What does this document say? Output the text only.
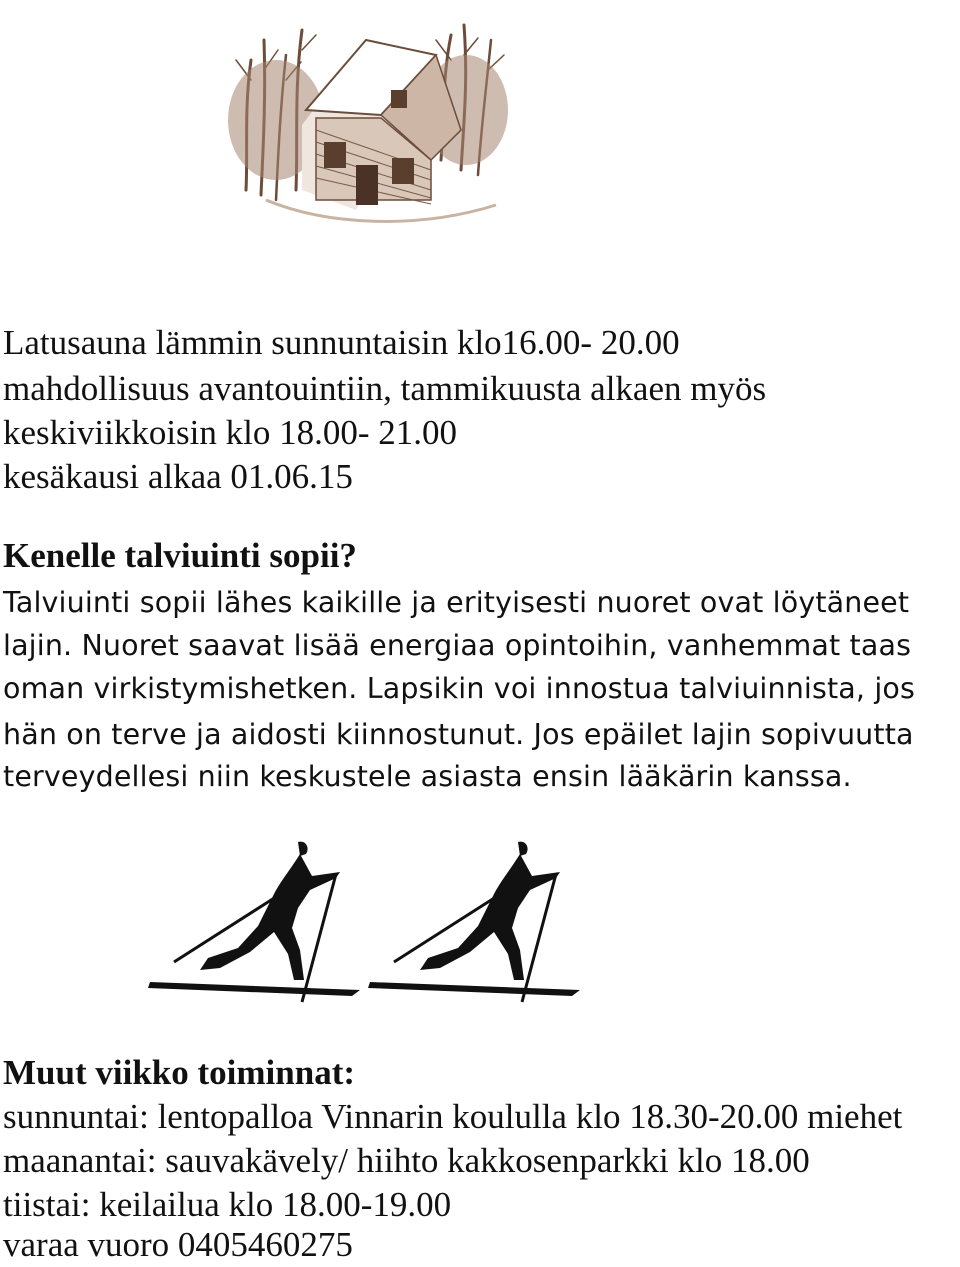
Latusauna lämmin sunnuntaisin klo16.00- 20.00

mahdollisuus avantouintiin, tammikuusta alkaen myös

keskiviikkoisin klo 18.00- 21.00

kesäkausi alkaa 01.06.15

Kenelle talviuinti sopii?

Talviuinti sopii lähes kaikille ja erityisesti nuoret ovat löytäneet

lajin. Nuoret saavat lisää energiaa opintoihin, vanhemmat taas

oman virkistymishetken. Lapsikin voi innostua talviuinnista, jos

hän on terve ja aidosti kiinnostunut. Jos epäilet lajin sopivuutta

terveydellesi niin keskustele asiasta ensin lääkärin kanssa.

Muut viikko toiminnat:

sunnuntai: lentopalloa Vinnarin koululla klo 18.30-20.00 miehet

maanantai: sauvakävely/ hiihto kakkosenparkki klo 18.00

tiistai: keilailua klo 18.00-19.00

varaa vuoro 0405460275
